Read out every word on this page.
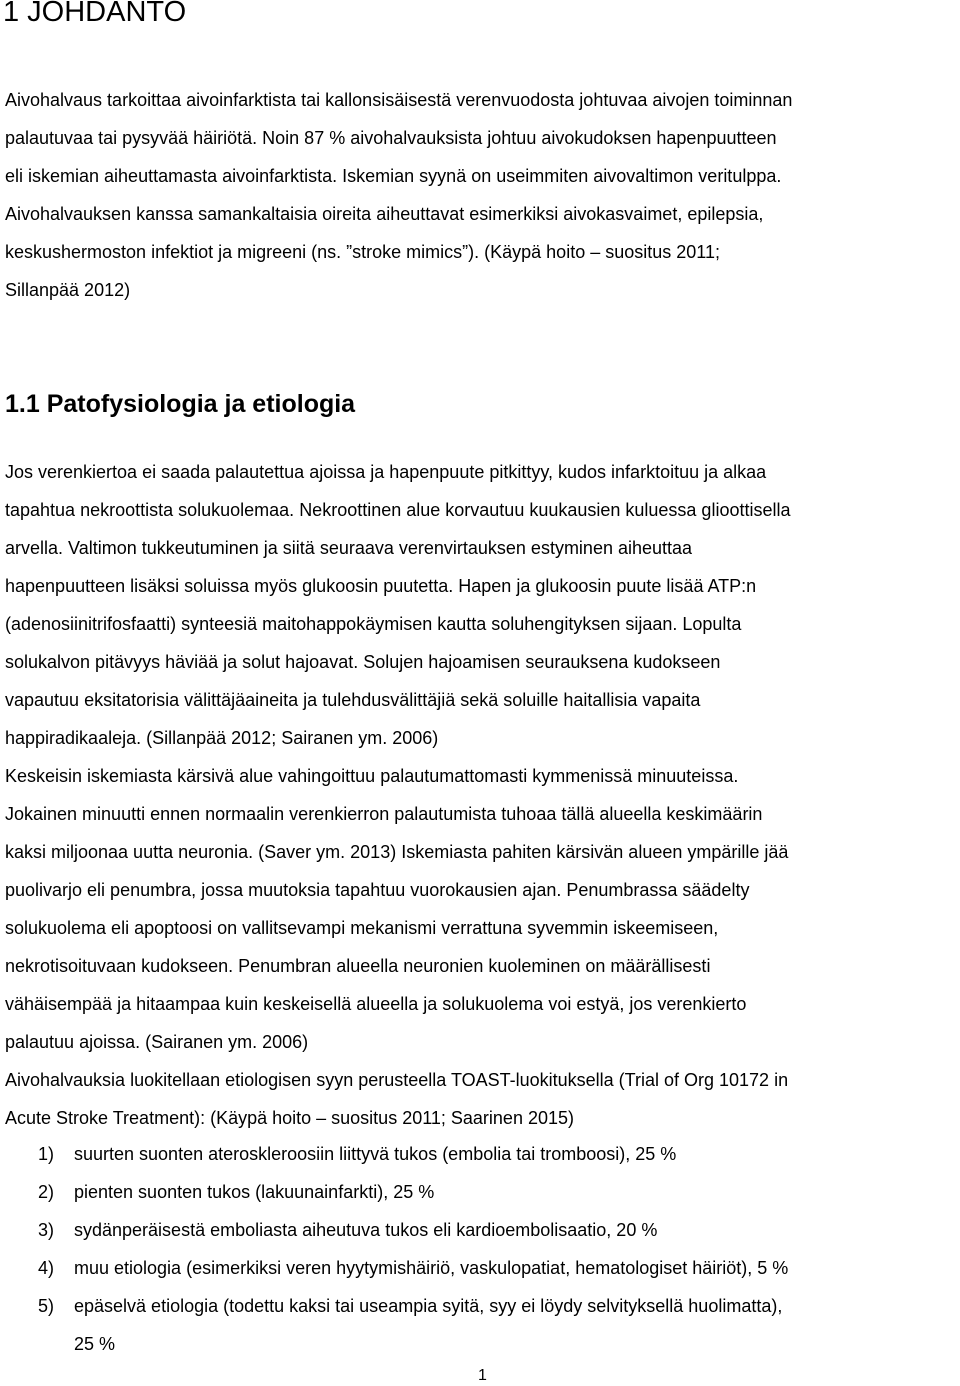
1 JOHDANTO
Aivohalvaus tarkoittaa aivoinfarktista tai kallonsisäisestä verenvuodosta johtuvaa aivojen toiminnan
palautuvaa tai pysyvää häiriötä. Noin 87 % aivohalvauksista johtuu aivokudoksen hapenpuutteen
eli iskemian aiheuttamasta aivoinfarktista. Iskemian syynä on useimmiten aivovaltimon veritulppa.
Aivohalvauksen kanssa samankaltaisia oireita aiheuttavat esimerkiksi aivokasvaimet, epilepsia,
keskushermoston infektiot ja migreeni (ns. ”stroke mimics”). (Käypä hoito – suositus 2011;
Sillanpää 2012)
1.1 Patofysiologia ja etiologia
Jos verenkiertoa ei saada palautettua ajoissa ja hapenpuute pitkittyy, kudos infarktoituu ja alkaa
tapahtua nekroottista solukuolemaa. Nekroottinen alue korvautuu kuukausien kuluessa glioottisella
arvella. Valtimon tukkeutuminen ja siitä seuraava verenvirtauksen estyminen aiheuttaa
hapenpuutteen lisäksi soluissa myös glukoosin puutetta. Hapen ja glukoosin puute lisää ATP:n
(adenosiinitrifosfaatti) synteesiä maitohappokäymisen kautta soluhengityksen sijaan. Lopulta
solukalvon pitävyys häviää ja solut hajoavat. Solujen hajoamisen seurauksena kudokseen
vapautuu eksitatorisia välittäjäaineita ja tulehdusvälittäjiä sekä soluille haitallisia vapaita
happiradikaaleja. (Sillanpää 2012; Sairanen ym. 2006)
Keskeisin iskemiasta kärsivä alue vahingoittuu palautumattomasti kymmenissä minuuteissa.
Jokainen minuutti ennen normaalin verenkierron palautumista tuhoaa tällä alueella keskimäärin
kaksi miljoonaa uutta neuronia. (Saver ym. 2013) Iskemiasta pahiten kärsivän alueen ympärille jää
puolivarjo eli penumbra, jossa muutoksia tapahtuu vuorokausien ajan. Penumbrassa säädelty
solukuolema eli apoptoosi on vallitsevampi mekanismi verrattuna syvemmin iskeemiseen,
nekrotisoituvaan kudokseen. Penumbran alueella neuronien kuoleminen on määrällisesti
vähäisempää ja hitaampaa kuin keskeisellä alueella ja solukuolema voi estyä, jos verenkierto
palautuu ajoissa. (Sairanen ym. 2006)
Aivohalvauksia luokitellaan etiologisen syyn perusteella TOAST-luokituksella (Trial of Org 10172 in
Acute Stroke Treatment): (Käypä hoito – suositus 2011; Saarinen 2015)
1) suurten suonten ateroskleroosiin liittyvä tukos (embolia tai tromboosi), 25 %
2) pienten suonten tukos (lakuunainfarkti), 25 %
3) sydänperäisestä emboliasta aiheutuva tukos eli kardioembolisaatio, 20 %
4) muu etiologia (esimerkiksi veren hyytymishäiriö, vaskulopatiat, hematologiset häiriöt), 5 %
5) epäselvä etiologia (todettu kaksi tai useampia syitä, syy ei löydy selvityksellä huolimatta),
25 %
1
